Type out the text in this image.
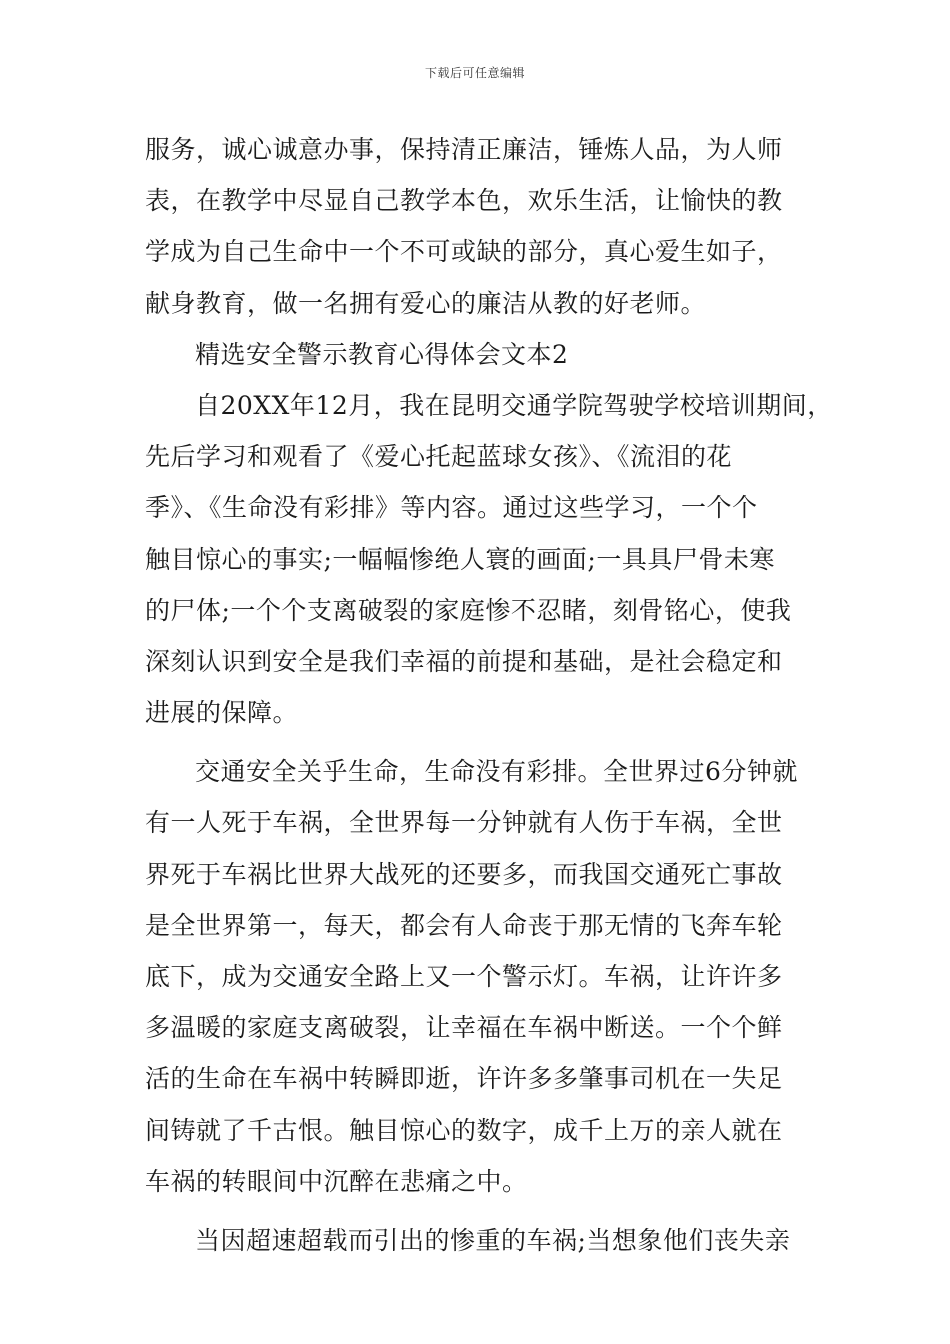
下载后可任意编辑
服务，诚心诚意办事，保持清正廉洁，锤炼人品，为人师
表，在教学中尽显自己教学本色，欢乐生活，让愉快的教
学成为自己生命中一个不可或缺的部分，真心爱生如子，
献身教育，做一名拥有爱心的廉洁从教的好老师。
精选安全警示教育心得体会文本2
自20XX年12月，我在昆明交通学院驾驶学校培训期间，
先后学习和观看了《爱心托起蓝球女孩》、《流泪的花
季》、《生命没有彩排》等内容。通过这些学习，一个个
触目惊心的事实;一幅幅惨绝人寰的画面;一具具尸骨未寒
的尸体;一个个支离破裂的家庭惨不忍睹，刻骨铭心，使我
深刻认识到安全是我们幸福的前提和基础，是社会稳定和
进展的保障。
交通安全关乎生命，生命没有彩排。全世界过6分钟就
有一人死于车祸，全世界每一分钟就有人伤于车祸，全世
界死于车祸比世界大战死的还要多，而我国交通死亡事故
是全世界第一，每天，都会有人命丧于那无情的飞奔车轮
底下，成为交通安全路上又一个警示灯。车祸，让许许多
多温暖的家庭支离破裂，让幸福在车祸中断送。一个个鲜
活的生命在车祸中转瞬即逝，许许多多肇事司机在一失足
间铸就了千古恨。触目惊心的数字，成千上万的亲人就在
车祸的转眼间中沉醉在悲痛之中。
当因超速超载而引出的惨重的车祸;当想象他们丧失亲
